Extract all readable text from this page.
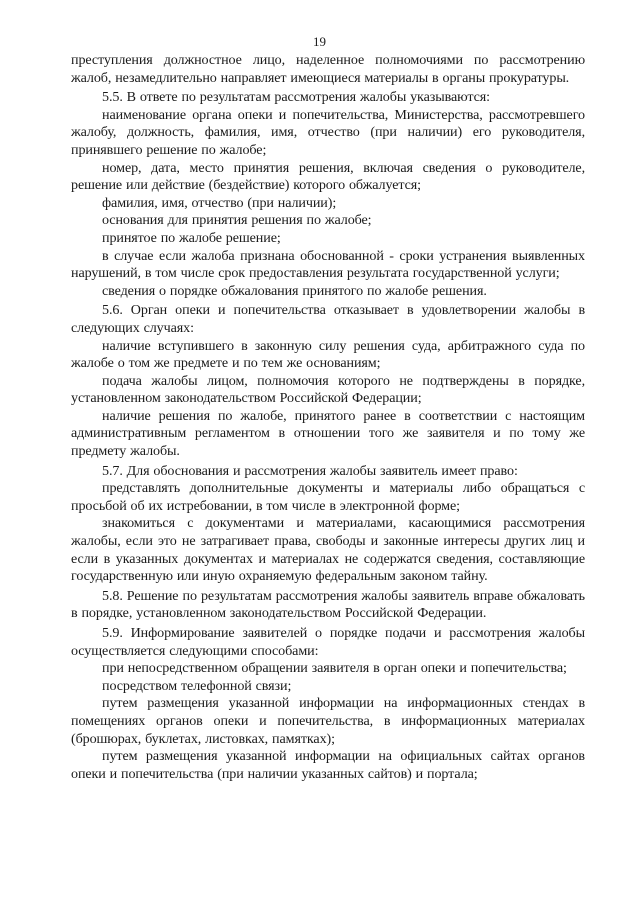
19

преступления должностное лицо, наделенное полномочиями по рассмотрению жалоб, незамедлительно направляет имеющиеся материалы в органы прокуратуры.

5.5. В ответе по результатам рассмотрения жалобы указываются:

наименование органа опеки и попечительства, Министерства, рассмотревшего жалобу, должность, фамилия, имя, отчество (при наличии) его руководителя, принявшего решение по жалобе;

номер, дата, место принятия решения, включая сведения о руководителе, решение или действие (бездействие) которого обжалуется;

фамилия, имя, отчество (при наличии);

основания для принятия решения по жалобе;

принятое по жалобе решение;

в случае если жалоба признана обоснованной - сроки устранения выявленных нарушений, в том числе срок предоставления результата государственной услуги;

сведения о порядке обжалования принятого по жалобе решения.

5.6. Орган опеки и попечительства отказывает в удовлетворении жалобы в следующих случаях:

наличие вступившего в законную силу решения суда, арбитражного суда по жалобе о том же предмете и по тем же основаниям;

подача жалобы лицом, полномочия которого не подтверждены в порядке, установленном законодательством Российской Федерации;

наличие решения по жалобе, принятого ранее в соответствии с настоящим административным регламентом в отношении того же заявителя и по тому же предмету жалобы.

5.7. Для обоснования и рассмотрения жалобы заявитель имеет право:

представлять дополнительные документы и материалы либо обращаться с просьбой об их истребовании, в том числе в электронной форме;

знакомиться с документами и материалами, касающимися рассмотрения жалобы, если это не затрагивает права, свободы и законные интересы других лиц и если в указанных документах и материалах не содержатся сведения, составляющие государственную или иную охраняемую федеральным законом тайну.

5.8. Решение по результатам рассмотрения жалобы заявитель вправе обжаловать в порядке, установленном законодательством Российской Федерации.

5.9. Информирование заявителей о порядке подачи и рассмотрения жалобы осуществляется следующими способами:

при непосредственном обращении заявителя в орган опеки и попечительства;

посредством телефонной связи;

путем размещения указанной информации на информационных стендах в помещениях органов опеки и попечительства, в информационных материалах (брошюрах, буклетах, листовках, памятках);

путем размещения указанной информации на официальных сайтах органов опеки и попечительства (при наличии указанных сайтов) и портала;
